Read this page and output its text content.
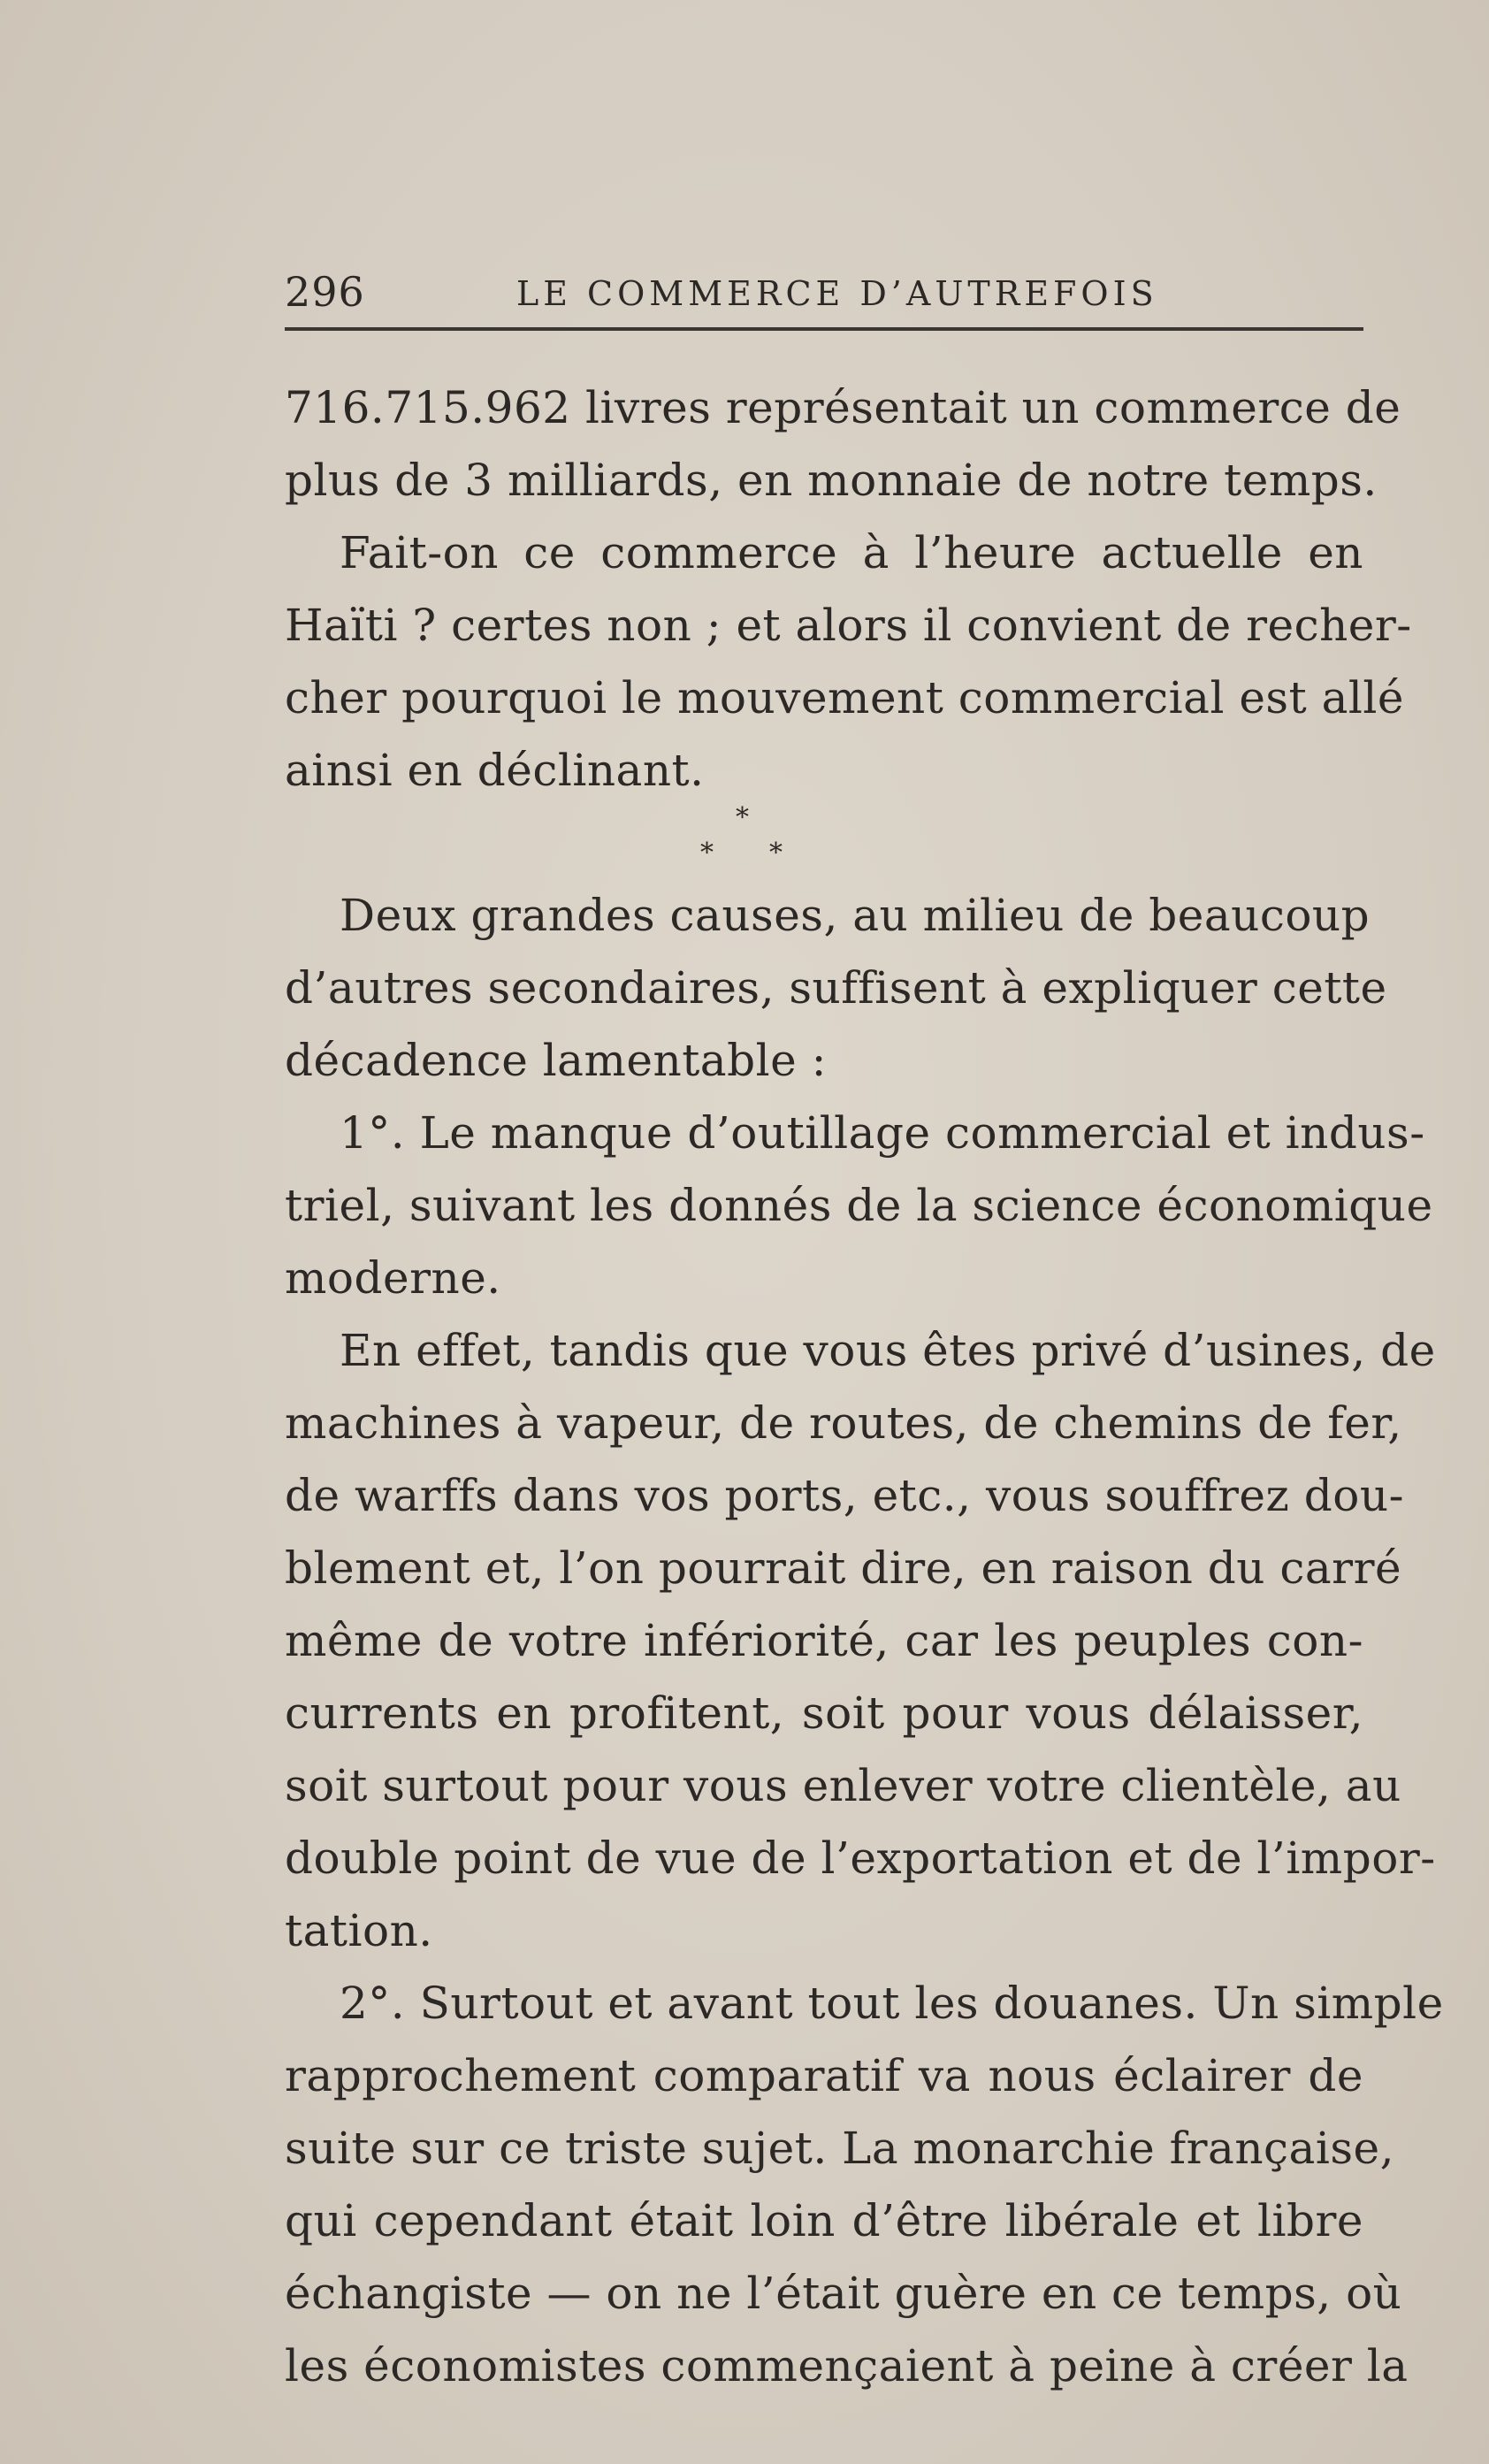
296	LE COMMERCE D’AUTREFOIS
716.715.962 livres représentait un commerce de
plus de 3 milliards, en monnaie de notre temps.
Fait-on ce commerce à l’heure actuelle en
Haïti ? certes non ; et alors il convient de recher-
cher pourquoi le mouvement commercial est allé
ainsi en déclinant.
*
* *
Deux grandes causes, au milieu de beaucoup
d’autres secondaires, suffisent à expliquer cette
décadence lamentable :
1°. Le manque d’outillage commercial et indus-
triel, suivant les donnés de la science économique
moderne.
En effet, tandis que vous êtes privé d’usines, de
machines à vapeur, de routes, de chemins de fer,
de warffs dans vos ports, etc., vous souffrez dou-
blement et, l’on pourrait dire, en raison du carré
même de votre infériorité, car les peuples con-
currents en profitent, soit pour vous délaisser,
soit surtout pour vous enlever votre clientèle, au
double point de vue de l’exportation et de l’impor-
tation.
2°. Surtout et avant tout les douanes. Un simple
rapprochement comparatif va nous éclairer de
suite sur ce triste sujet. La monarchie française,
qui cependant était loin d’être libérale et libre
échangiste — on ne l’était guère en ce temps, où
les économistes commençaient à peine à créer la
